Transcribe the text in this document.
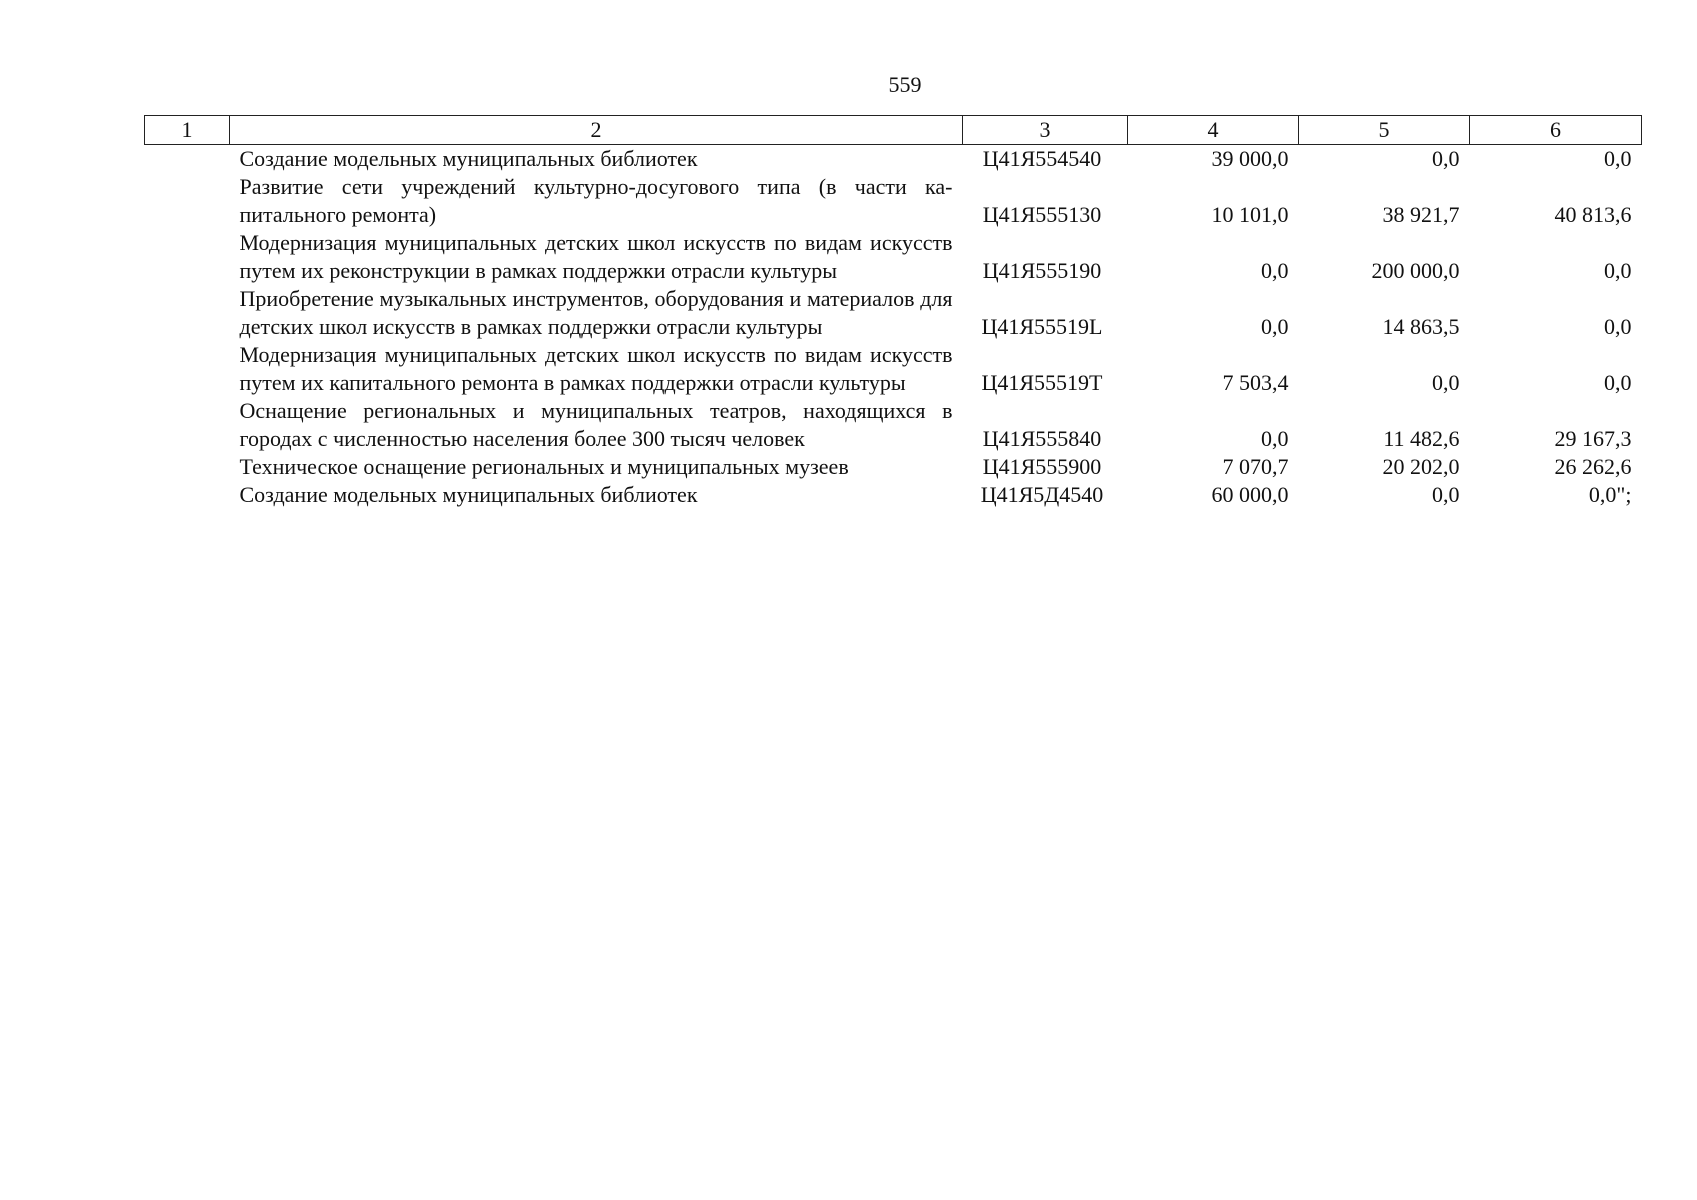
559
1	2	3	4	5	6
	Создание модельных муниципальных библиотек	Ц41Я554540	39 000,0	0,0	0,0
	Развитие сети учреждений культурно-досугового типа (в части капитального ремонта)	Ц41Я555130	10 101,0	38 921,7	40 813,6
	Модернизация муниципальных детских школ искусств по видам искусств путем их реконструкции в рамках поддержки отрасли культуры	Ц41Я555190	0,0	200 000,0	0,0
	Приобретение музыкальных инструментов, оборудования и материалов для детских школ искусств в рамках поддержки отрасли культуры	Ц41Я55519L	0,0	14 863,5	0,0
	Модернизация муниципальных детских школ искусств по видам искусств путем их капитального ремонта в рамках поддержки отрасли культуры	Ц41Я55519Т	7 503,4	0,0	0,0
	Оснащение региональных и муниципальных театров, находящихся в городах с численностью населения более 300 тысяч человек	Ц41Я555840	0,0	11 482,6	29 167,3
	Техническое оснащение региональных и муниципальных музеев	Ц41Я555900	7 070,7	20 202,0	26 262,6
	Создание модельных муниципальных библиотек	Ц41Я5Д4540	60 000,0	0,0	0,0";
